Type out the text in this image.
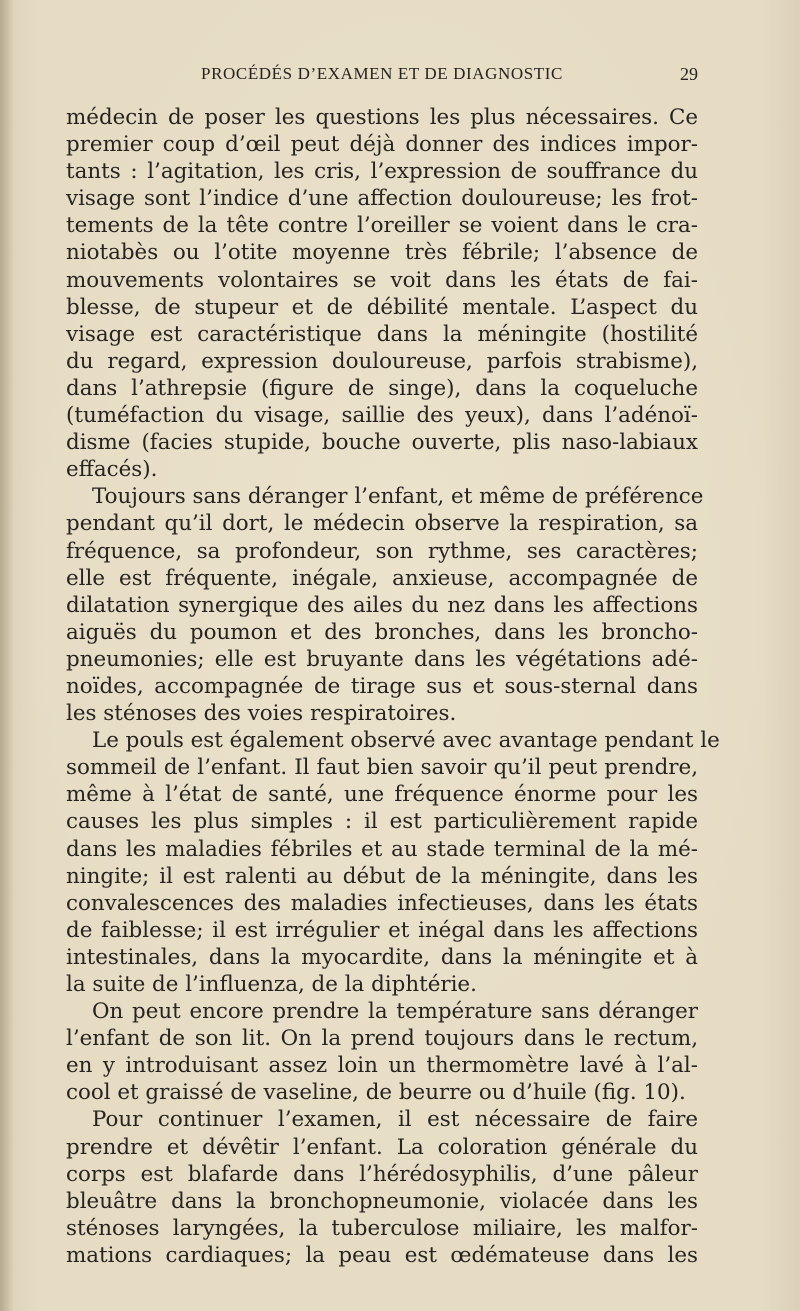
PROCÉDÉS D’EXAMEN ET DE DIAGNOSTIC	29
médecin de poser les questions les plus nécessaires. Ce
premier coup d’œil peut déjà donner des indices impor-
tants : l’agitation, les cris, l’expression de souffrance du
visage sont l’indice d’une affection douloureuse; les frot-
tements de la tête contre l’oreiller se voient dans le cra-
niotabès ou l’otite moyenne très fébrile; l’absence de
mouvements volontaires se voit dans les états de fai-
blesse, de stupeur et de débilité mentale. L’aspect du
visage est caractéristique dans la méningite (hostilité
du regard, expression douloureuse, parfois strabisme),
dans l’athrepsie (figure de singe), dans la coqueluche
(tuméfaction du visage, saillie des yeux), dans l’adénoï-
disme (facies stupide, bouche ouverte, plis naso-labiaux
effacés).
Toujours sans déranger l’enfant, et même de préférence
pendant qu’il dort, le médecin observe la respiration, sa
fréquence, sa profondeur, son rythme, ses caractères;
elle est fréquente, inégale, anxieuse, accompagnée de
dilatation synergique des ailes du nez dans les affections
aiguës du poumon et des bronches, dans les broncho-
pneumonies; elle est bruyante dans les végétations adé-
noïdes, accompagnée de tirage sus et sous-sternal dans
les sténoses des voies respiratoires.
Le pouls est également observé avec avantage pendant le
sommeil de l’enfant. Il faut bien savoir qu’il peut prendre,
même à l’état de santé, une fréquence énorme pour les
causes les plus simples : il est particulièrement rapide
dans les maladies fébriles et au stade terminal de la mé-
ningite; il est ralenti au début de la méningite, dans les
convalescences des maladies infectieuses, dans les états
de faiblesse; il est irrégulier et inégal dans les affections
intestinales, dans la myocardite, dans la méningite et à
la suite de l’influenza, de la diphtérie.
On peut encore prendre la température sans déranger
l’enfant de son lit. On la prend toujours dans le rectum,
en y introduisant assez loin un thermomètre lavé à l’al-
cool et graissé de vaseline, de beurre ou d’huile (fig. 10).
Pour continuer l’examen, il est nécessaire de faire
prendre et dévêtir l’enfant. La coloration générale du
corps est blafarde dans l’hérédosyphilis, d’une pâleur
bleuâtre dans la bronchopneumonie, violacée dans les
sténoses laryngées, la tuberculose miliaire, les malfor-
mations cardiaques; la peau est œdémateuse dans les
